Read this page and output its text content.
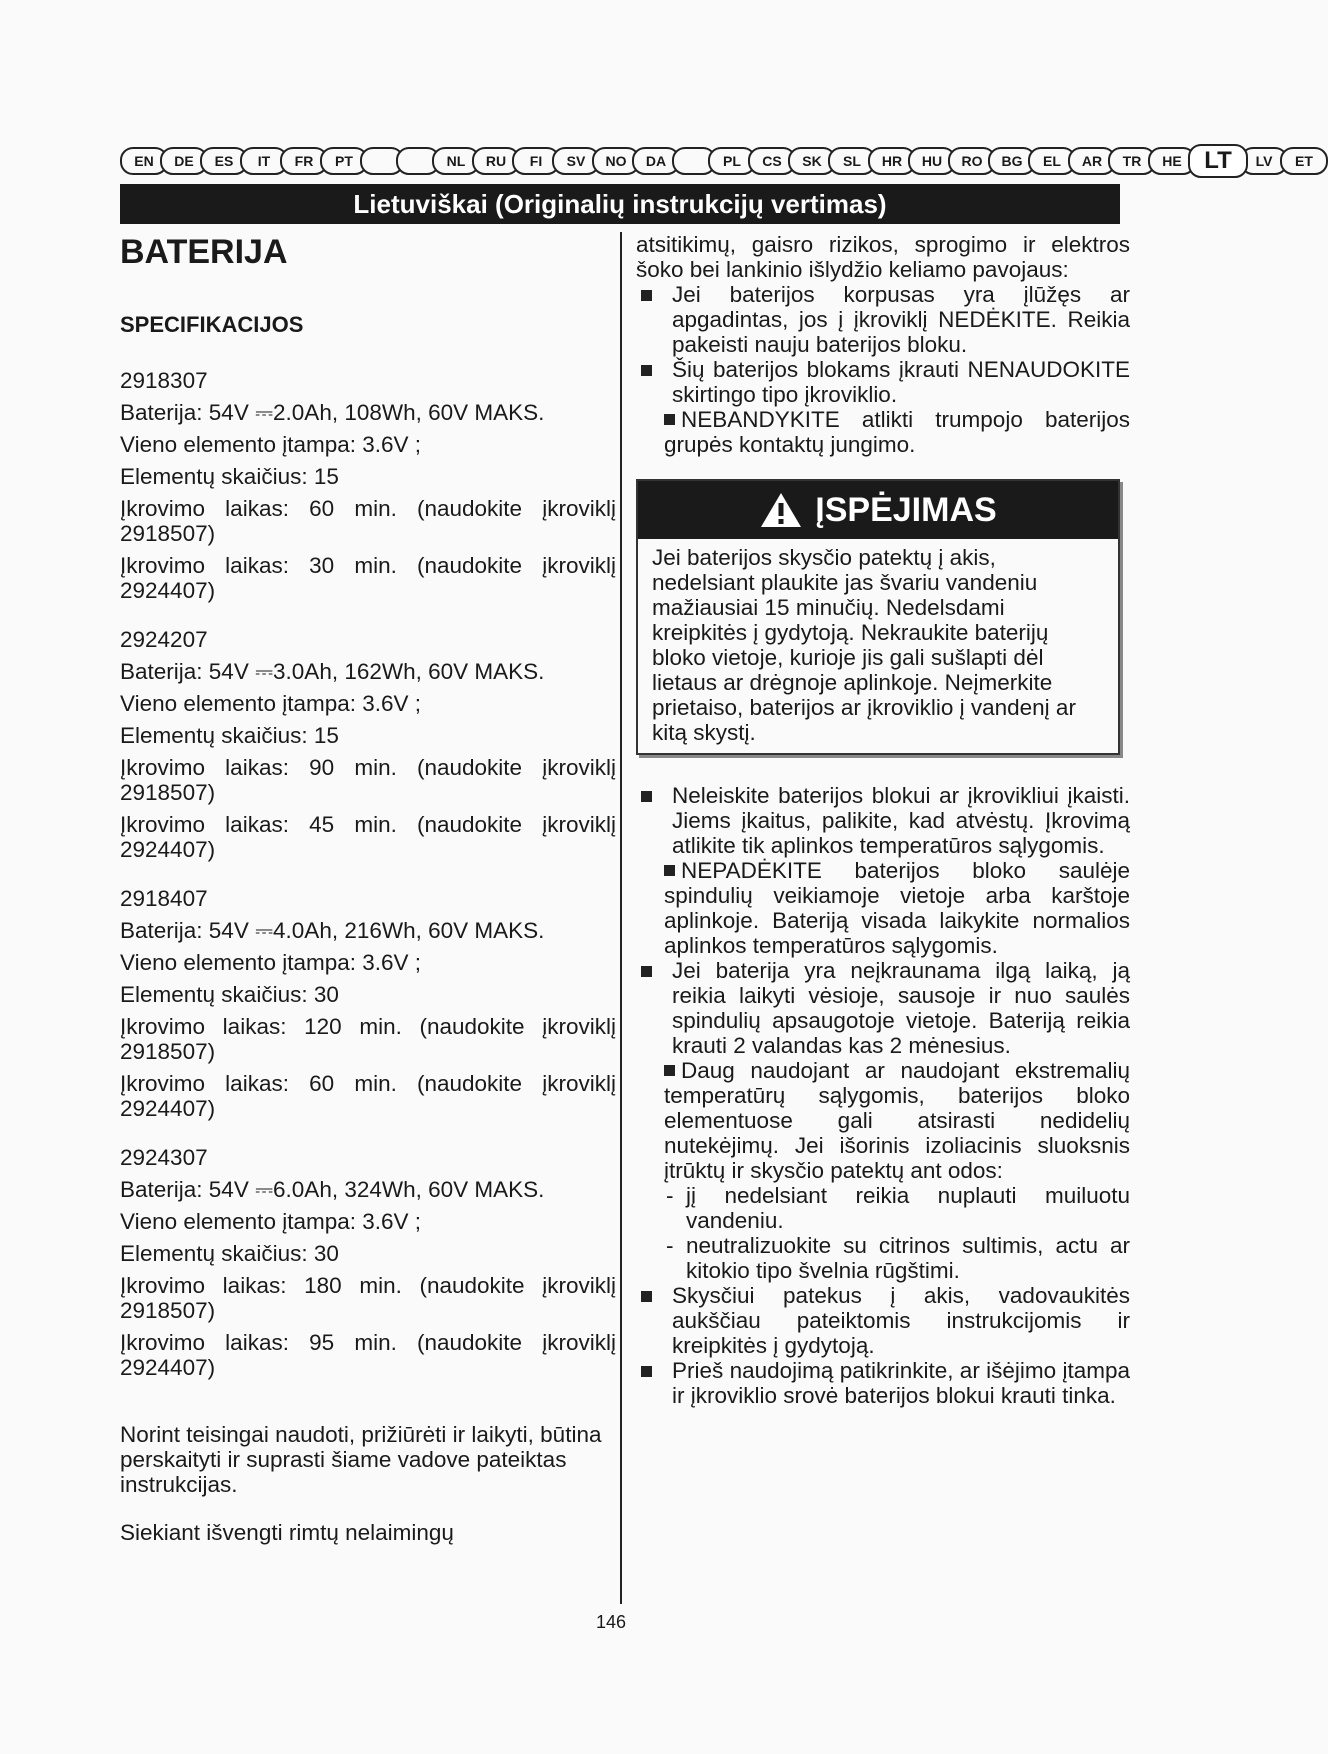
EN	DE	ES	IT	FR	PT	NL	RU	FI	SV	NO	DA	PL	CS	SK	SL	HR	HU	RO	BG	EL	AR	TR	HE LT	LV	ET
Lietuviškai (Originalių instrukcijų vertimas)
BATERIJA
SPECIFIKACIJOS

2918307

Baterija: 54V ⎓2.0Ah, 108Wh, 60V MAKS.

Vieno elemento įtampa: 3.6V ;

Elementų skaičius: 15

Įkrovimo laikas: 60 min. (naudokite įkroviklį 2918507)

Įkrovimo laikas: 30 min. (naudokite įkroviklį 2924407)

2924207

Baterija: 54V ⎓3.0Ah, 162Wh, 60V MAKS.

Vieno elemento įtampa: 3.6V ;

Elementų skaičius: 15

Įkrovimo laikas: 90 min. (naudokite įkroviklį 2918507)

Įkrovimo laikas: 45 min. (naudokite įkroviklį 2924407)

2918407

Baterija: 54V ⎓4.0Ah, 216Wh, 60V MAKS.

Vieno elemento įtampa: 3.6V ;

Elementų skaičius: 30

Įkrovimo laikas: 120 min. (naudokite įkroviklį 2918507)

Įkrovimo laikas: 60 min. (naudokite įkroviklį 2924407)

2924307

Baterija: 54V ⎓6.0Ah, 324Wh, 60V MAKS.

Vieno elemento įtampa: 3.6V ;

Elementų skaičius: 30

Įkrovimo laikas: 180 min. (naudokite įkroviklį 2918507)

Įkrovimo laikas: 95 min. (naudokite įkroviklį 2924407)

Norint teisingai naudoti, prižiūrėti ir laikyti, būtina perskaityti ir suprasti šiame vadove pateiktas instrukcijas.

Siekiant išvengti rimtų nelaimingų

atsitikimų, gaisro rizikos, sprogimo ir elektros šoko bei lankinio išlydžio keliamo pavojaus:

Jei baterijos korpusas yra įlūžęs ar apgadintas, jos į įkroviklį NEDĖKITE. Reikia pakeisti nauju baterijos bloku.
Šių baterijos blokams įkrauti NENAUDOKITE skirtingo tipo įkroviklio.
NEBANDYKITE atlikti trumpojo baterijos grupės kontaktų jungimo.
ĮSPĖJIMAS
Jei baterijos skysčio patektų į akis, nedelsiant plaukite jas švariu vandeniu mažiausiai 15 minučių. Nedelsdami kreipkitės į gydytoją. Nekraukite baterijų bloko vietoje, kurioje jis gali sušlapti dėl lietaus ar drėgnoje aplinkoje. Neįmerkite prietaiso, baterijos ar įkroviklio į vandenį ar kitą skystį.
Neleiskite baterijos blokui ar įkrovikliui įkaisti. Jiems įkaitus, palikite, kad atvėstų. Įkrovimą atlikite tik aplinkos temperatūros sąlygomis.
NEPADĖKITE baterijos bloko saulėje spindulių veikiamoje vietoje arba karštoje aplinkoje. Bateriją visada laikykite normalios aplinkos temperatūros sąlygomis.
Jei baterija yra neįkraunama ilgą laiką, ją reikia laikyti vėsioje, sausoje ir nuo saulės spindulių apsaugotoje vietoje. Bateriją reikia krauti 2 valandas kas 2 mėnesius.
Daug naudojant ar naudojant ekstremalių temperatūrų sąlygomis, baterijos bloko elementuose gali atsirasti nedidelių nutekėjimų. Jei išorinis izoliacinis sluoksnis įtrūktų ir skysčio patektų ant odos:
- jį nedelsiant reikia nuplauti muiluotu vandeniu.
- neutralizuokite su citrinos sultimis, actu ar kitokio tipo švelnia rūgštimi.
Skysčiui patekus į akis, vadovaukitės aukščiau pateiktomis instrukcijomis ir kreipkitės į gydytoją.
Prieš naudojimą patikrinkite, ar išėjimo įtampa ir įkroviklio srovė baterijos blokui krauti tinka.
146
